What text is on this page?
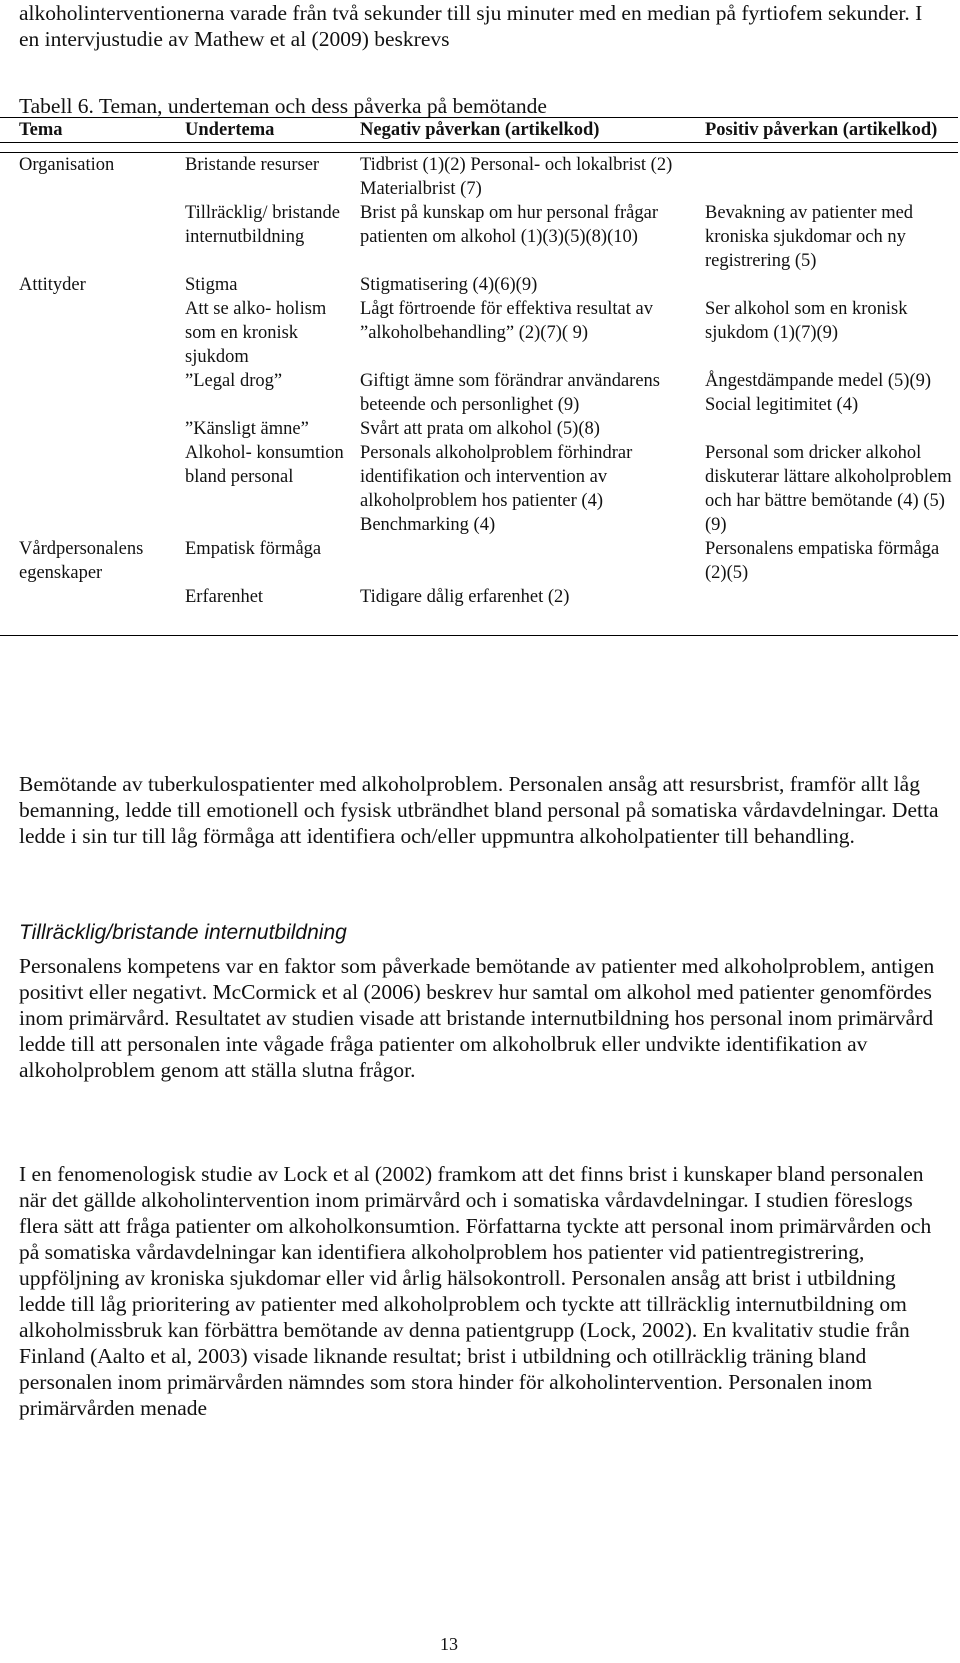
alkoholinterventionerna varade från två sekunder till sju minuter med en median på fyrtiofem sekunder. I en intervjustudie av Mathew et al (2009) beskrevs

Tabell 6. Teman, underteman och dess påverka på bemötande

Tema	Undertema	Negativ påverkan (artikelkod)	Positiv påverkan (artikelkod)

Organisation	Bristande resurser	Tidbrist (1)(2) Personal- och lokalbrist (2) Materialbrist (7)	
	Tillräcklig/ bristande internutbildning	Brist på kunskap om hur personal frågar patienten om alkohol (1)(3)(5)(8)(10)	Bevakning av patienter med kroniska sjukdomar och ny registrering (5)
Attityder	Stigma	Stigmatisering (4)(6)(9)	
	Att se alko- holism som en kronisk sjukdom	Lågt förtroende för effektiva resultat av ”alkoholbehandling” (2)(7)( 9)	Ser alkohol som en kronisk sjukdom (1)(7)(9)
	”Legal drog”	Giftigt ämne som förändrar användarens beteende och personlighet (9)	Ångestdämpande medel (5)(9) Social legitimitet (4)
	”Känsligt ämne”	Svårt att prata om alkohol (5)(8)	
	Alkohol- konsumtion bland personal	Personals alkoholproblem förhindrar identifikation och intervention av alkoholproblem hos patienter (4) Benchmarking (4)	Personal som dricker alkohol diskuterar lättare alkoholproblem och har bättre bemötande (4) (5)(9)
Vårdpersonalens egenskaper	Empatisk förmåga		Personalens empatiska förmåga (2)(5)
	Erfarenhet	Tidigare dålig erfarenhet (2)	

Bemötande av tuberkulospatienter med alkoholproblem. Personalen ansåg att resursbrist, framför allt låg bemanning, ledde till emotionell och fysisk utbrändhet bland personal på somatiska vårdavdelningar. Detta ledde i sin tur till låg förmåga att identifiera och/eller uppmuntra alkoholpatienter till behandling.

Tillräcklig/bristande internutbildning

Personalens kompetens var en faktor som påverkade bemötande av patienter med alkoholproblem, antigen positivt eller negativt. McCormick et al (2006) beskrev hur samtal om alkohol med patienter genomfördes inom primärvård. Resultatet av studien visade att bristande internutbildning hos personal inom primärvård ledde till att personalen inte vågade fråga patienter om alkoholbruk eller undvikte identifikation av alkoholproblem genom att ställa slutna frågor.

I en fenomenologisk studie av Lock et al (2002) framkom att det finns brist i kunskaper bland personalen när det gällde alkoholintervention inom primärvård och i somatiska vårdavdelningar. I studien föreslogs flera sätt att fråga patienter om alkoholkonsumtion. Författarna tyckte att personal inom primärvården och på somatiska vårdavdelningar kan identifiera alkoholproblem hos patienter vid patientregistrering, uppföljning av kroniska sjukdomar eller vid årlig hälsokontroll. Personalen ansåg att brist i utbildning ledde till låg prioritering av patienter med alkoholproblem och tyckte att tillräcklig internutbildning om alkoholmissbruk kan förbättra bemötande av denna patientgrupp (Lock, 2002). En kvalitativ studie från Finland (Aalto et al, 2003) visade liknande resultat; brist i utbildning och otillräcklig träning bland personalen inom primärvården nämndes som stora hinder för alkoholintervention. Personalen inom primärvården menade

13
